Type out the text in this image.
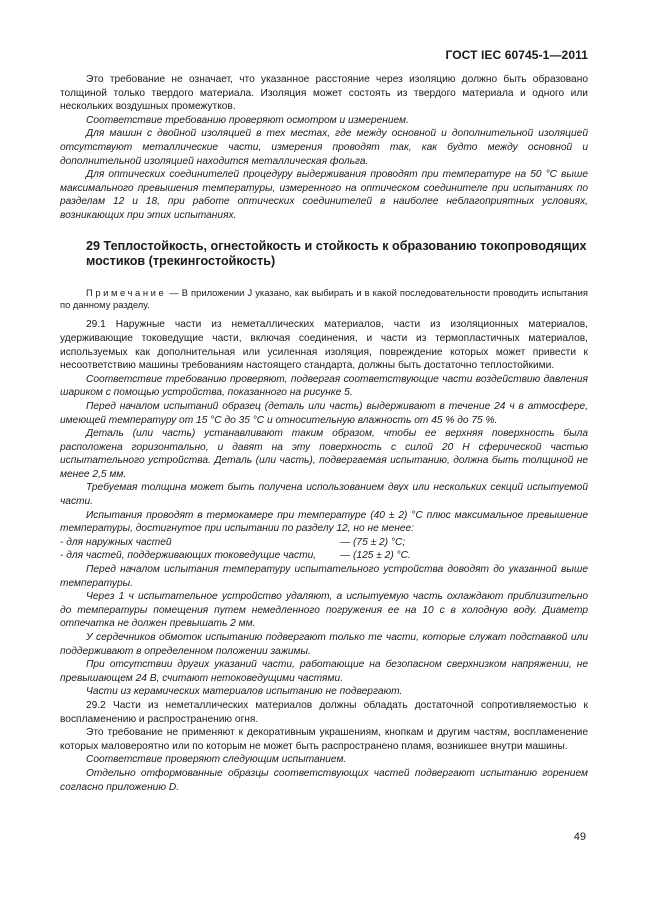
ГОСТ IEC 60745-1—2011

Это требование не означает, что указанное расстояние через изоляцию должно быть образовано толщиной только твердого материала. Изоляция может состоять из твердого материала и одного или нескольких воздушных промежутков.

Соответствие требованию проверяют осмотром и измерением.

Для машин с двойной изоляцией в тех местах, где между основной и дополнительной изоляцией отсутствуют металлические части, измерения проводят так, как будто между основной и дополнительной изоляцией находится металлическая фольга.

Для оптических соединителей процедуру выдерживания проводят при температуре на 50 °С выше максимального превышения температуры, измеренного на оптическом соединителе при испытаниях по разделам 12 и 18, при работе оптических соединителей в наиболее неблагоприятных условиях, возникающих при этих испытаниях.

29 Теплостойкость, огнестойкость и стойкость к образованию токопроводящих мостиков (трекингостойкость)

Примечание — В приложении J указано, как выбирать и в какой последовательности проводить испытания по данному разделу.

29.1 Наружные части из неметаллических материалов, части из изоляционных материалов, удерживающие токоведущие части, включая соединения, и части из термопластичных материалов, используемых как дополнительная или усиленная изоляция, повреждение которых может привести к несоответствию машины требованиям настоящего стандарта, должны быть достаточно теплостойкими.

Соответствие требованию проверяют, подвергая соответствующие части воздействию давления шариком с помощью устройства, показанного на рисунке 5.

Перед началом испытаний образец (деталь или часть) выдерживают в течение 24 ч в атмосфере, имеющей температуру от 15 °С до 35 °С и относительную влажность от 45 % до 75 %.

Деталь (или часть) устанавливают таким образом, чтобы ее верхняя поверхность была расположена горизонтально, и давят на эту поверхность с силой 20 Н сферической частью испытательного устройства. Деталь (или часть), подвергаемая испытанию, должна быть толщиной не менее 2,5 мм.

Требуемая толщина может быть получена использованием двух или нескольких секций испытуемой части.

Испытания проводят в термокамере при температуре (40 ± 2) °С плюс максимальное превышение температуры, достигнутое при испытании по разделу 12, но не менее:

- для наружных частей	— (75 ± 2) °С;
- для частей, поддерживающих токоведущие части,	— (125 ± 2) °С.

Перед началом испытания температуру испытательного устройства доводят до указанной выше температуры.

Через 1 ч испытательное устройство удаляют, а испытуемую часть охлаждают приблизительно до температуры помещения путем немедленного погружения ее на 10 с в холодную воду. Диаметр отпечатка не должен превышать 2 мм.

У сердечников обмоток испытанию подвергают только те части, которые служат подставкой или поддерживают в определенном положении зажимы.

При отсутствии других указаний части, работающие на безопасном сверхнизком напряжении, не превышающем 24 В, считают нетоковедущими частями.

Части из керамических материалов испытанию не подвергают.

29.2 Части из неметаллических материалов должны обладать достаточной сопротивляемостью к воспламенению и распространению огня.

Это требование не применяют к декоративным украшениям, кнопкам и другим частям, воспламенение которых маловероятно или по которым не может быть распространено пламя, возникшее внутри машины.

Соответствие проверяют следующим испытанием.

Отдельно отформованные образцы соответствующих частей подвергают испытанию горением согласно приложению D.

49
